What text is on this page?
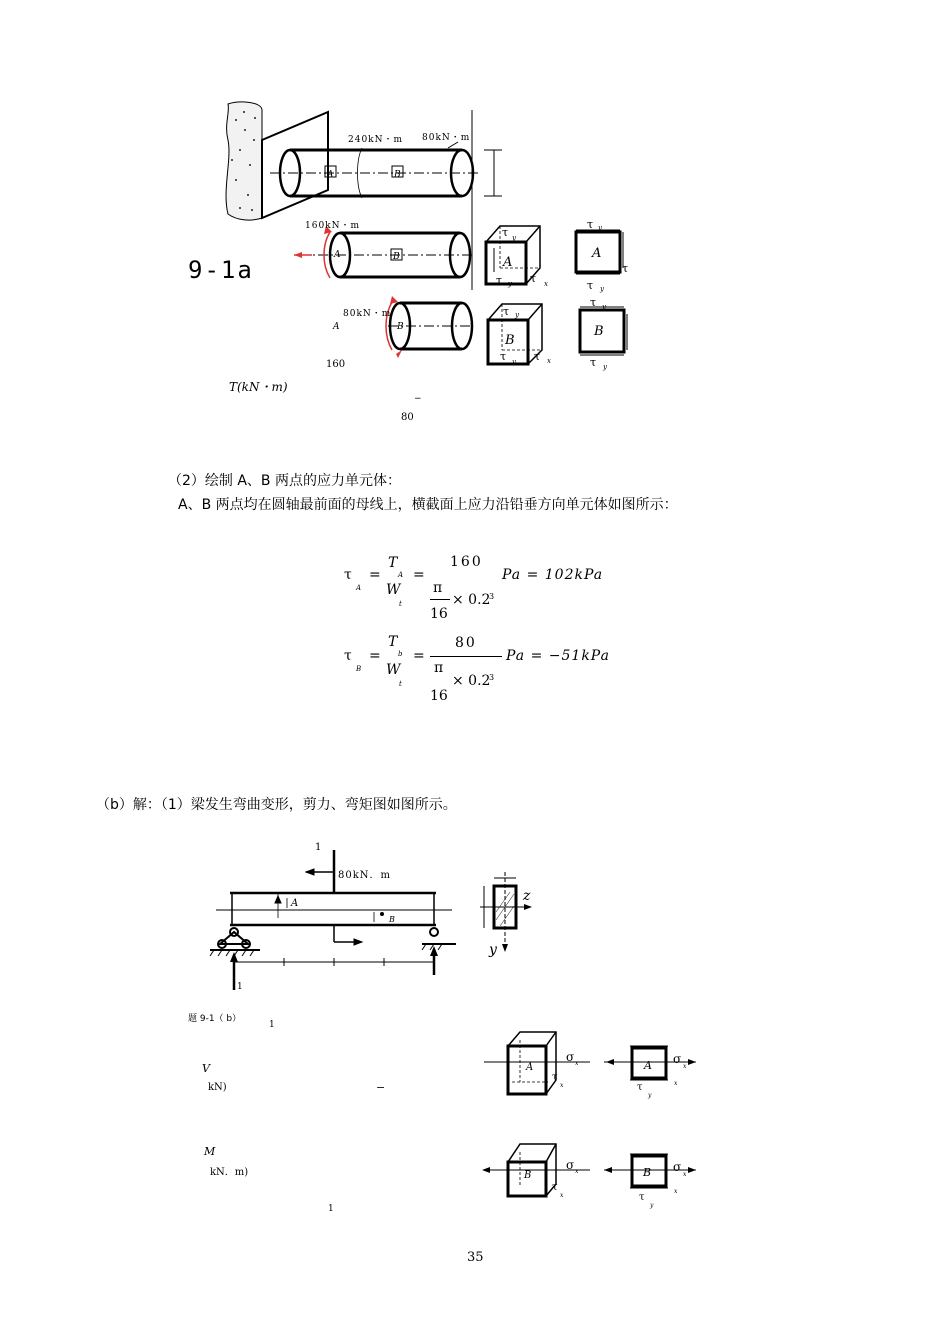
9-1a
240kN・m 80kN・m
160kN・m
80kN・m
A	B
A	B
A	B
τ y
A
τ y τ x
τ y
A
τ
τ y
τ y
B
τ y τ x
τ y
B
τ y
160
T(kN・m)
−
80
（2）绘制 A、B 两点的应力单元体：
A、B 两点均在圆轴最前面的母线上，横截面上应力沿铅垂方向单元体如图所示：
τ
A
=
T
A
W
t
=
160
π
16
× 0.2
3
Pa = 102kPa
τ
B
=
T
b
W
t
=
80
π
16
× 0.2
3
Pa = −51kPa
（b）解：（1）梁发生弯曲变形，剪力、弯矩图如图所示。
1
80kN．m
A
B
z
y
1
题 9-1（ b）
1
V
kN)	−
M
kN．m)
1
A
σ x
τ
x
A σ
x
x
τ
y
B
σ x
τ
x
B σ
x
x
τ
y
35
